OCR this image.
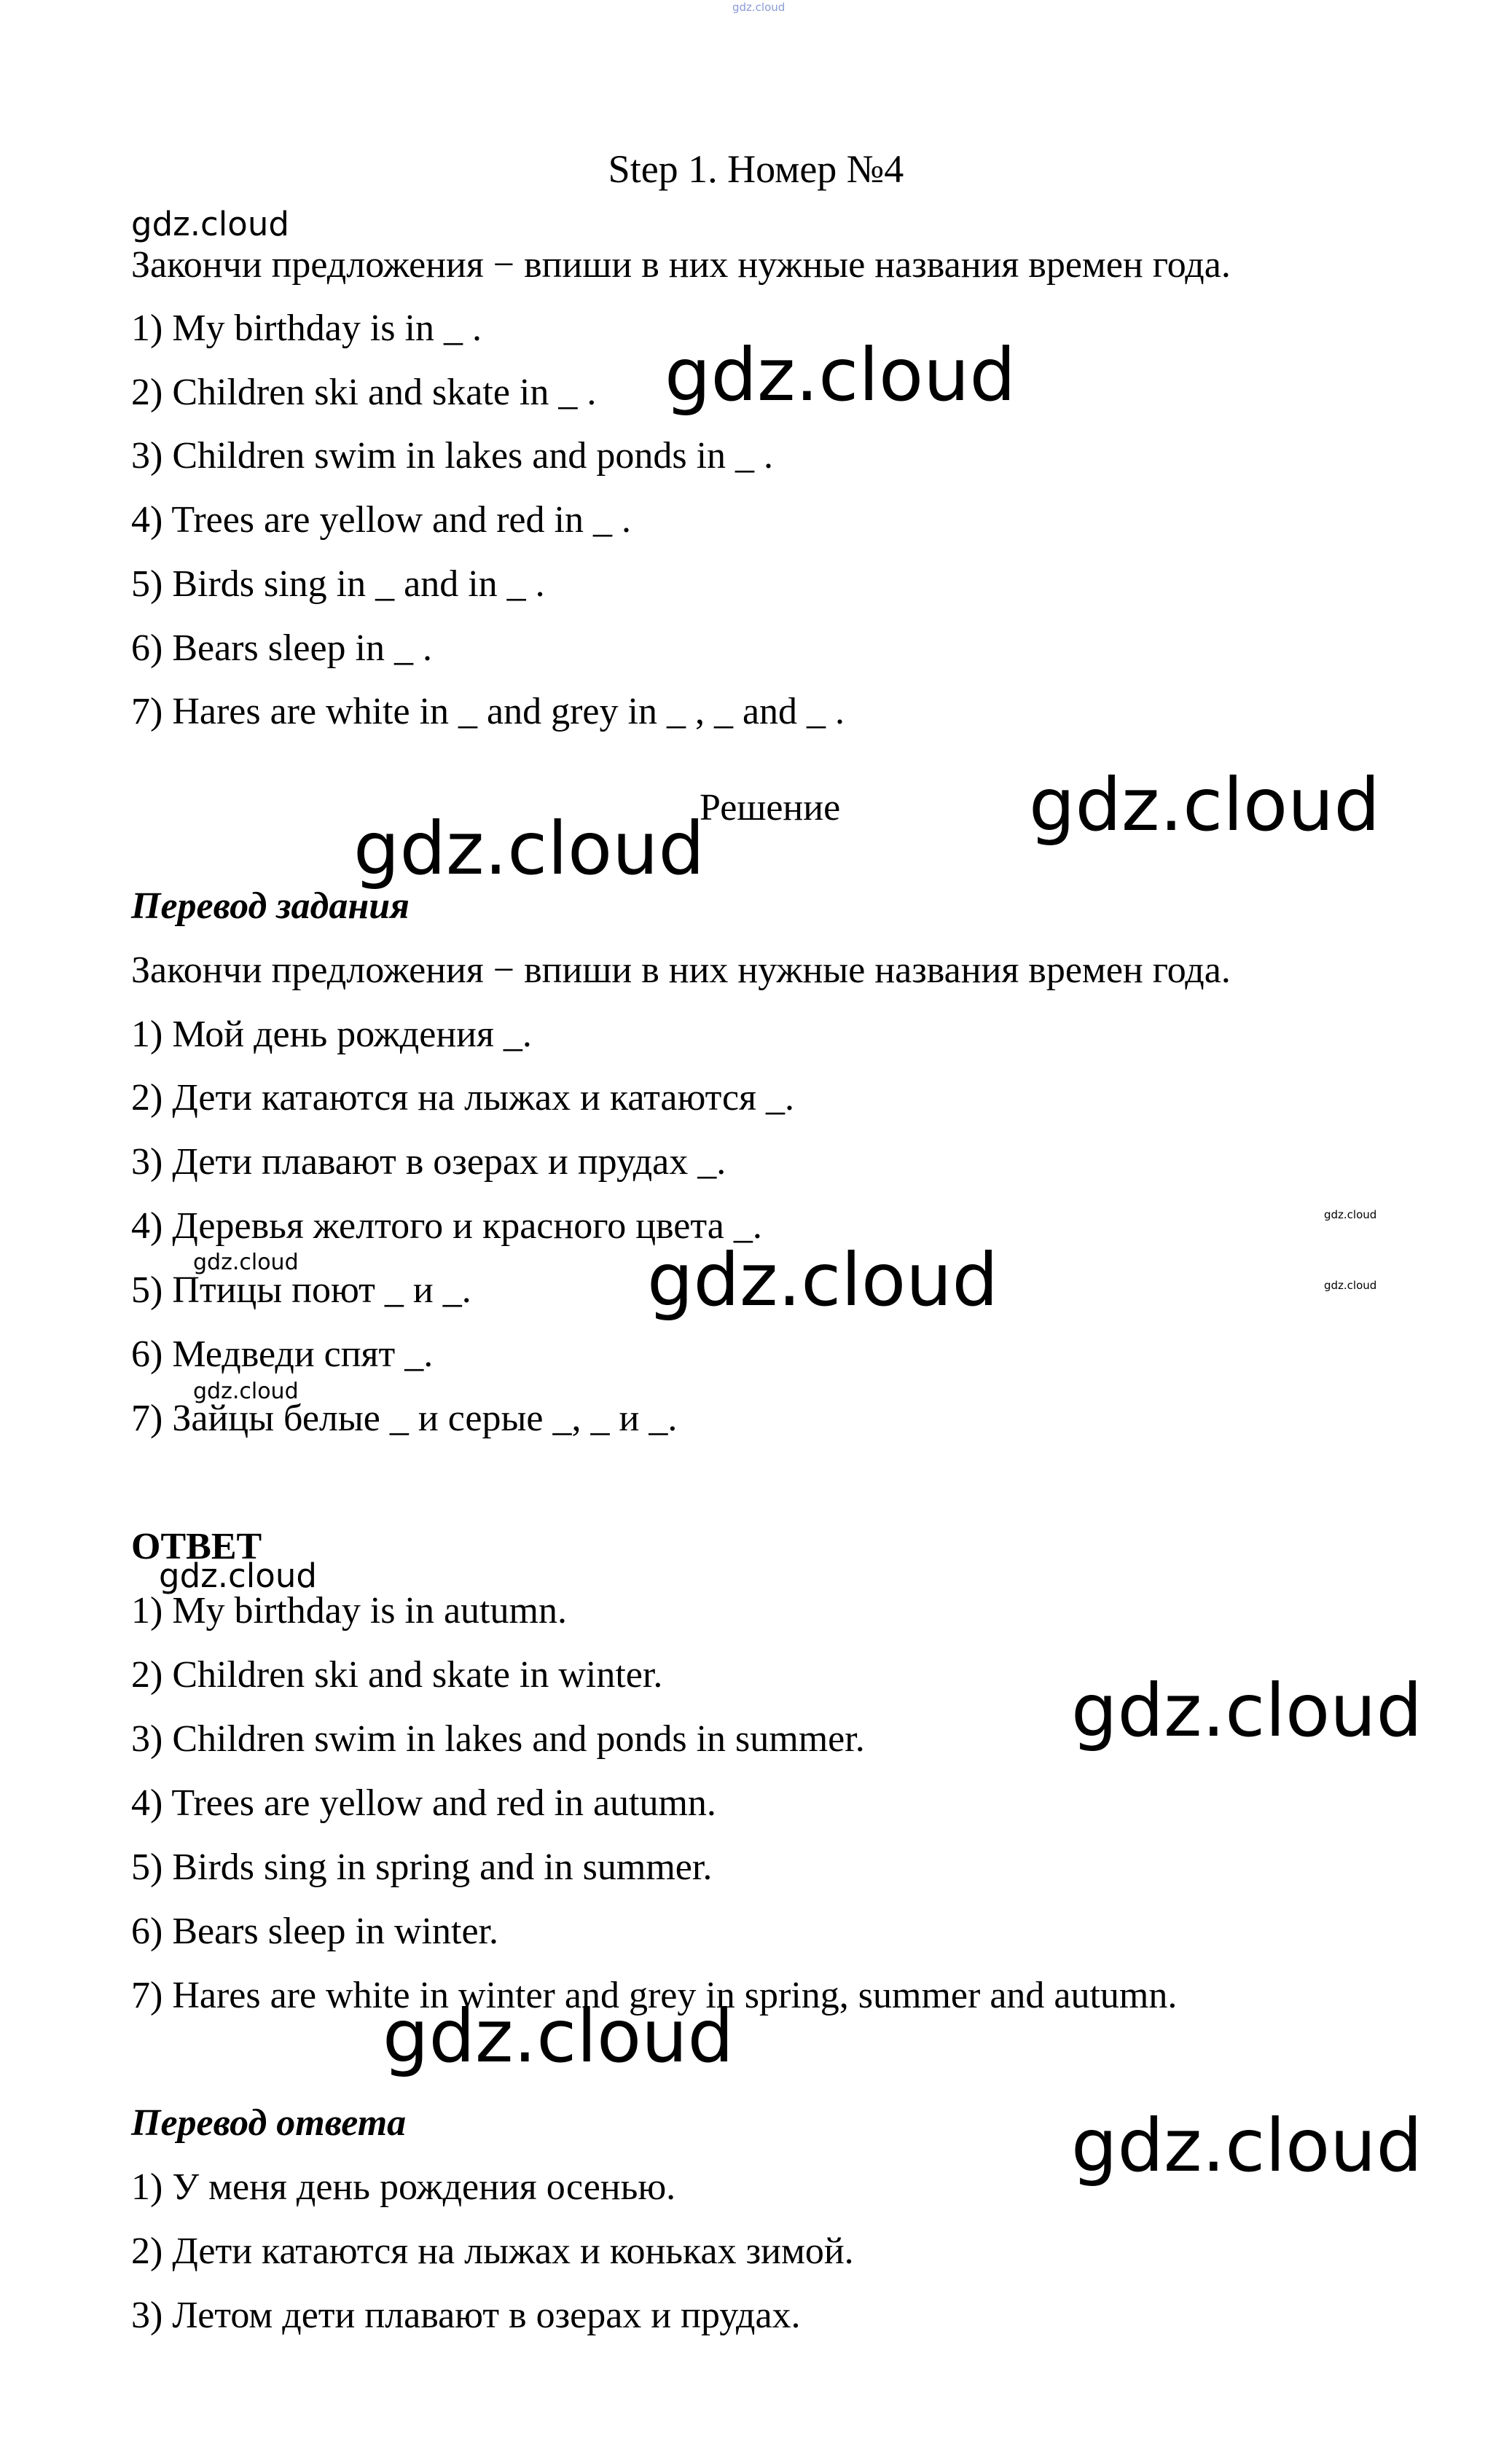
Step 1. Номер №4
Закончи предложения − впиши в них нужные названия времен года.
1) My birthday is in _ .
2) Children ski and skate in _ .
3) Children swim in lakes and ponds in _ .
4) Trees are yellow and red in _ .
5) Birds sing in _ and in _ .
6) Bears sleep in _ .
7) Hares are white in _ and grey in _ , _ and _ .
Решение
Перевод задания
Закончи предложения − впиши в них нужные названия времен года.
1) Мой день рождения _.
2) Дети катаются на лыжах и катаются _.
3) Дети плавают в озерах и прудах _.
4) Деревья желтого и красного цвета _.
5) Птицы поют _ и _.
6) Медведи спят _.
7) Зайцы белые _ и серые _, _ и _.
ОТВЕТ
1) My birthday is in autumn.
2) Children ski and skate in winter.
3) Children swim in lakes and ponds in summer.
4) Trees are yellow and red in autumn.
5) Birds sing in spring and in summer.
6) Bears sleep in winter.
7) Hares are white in winter and grey in spring, summer and autumn.
Перевод ответа
1) У меня день рождения осенью.
2) Дети катаются на лыжах и коньках зимой.
3) Летом дети плавают в озерах и прудах.
gdz.cloud
gdz.cloud
gdz.cloud
gdz.cloud
gdz.cloud
gdz.cloud
gdz.cloud
gdz.cloud	gdz.cloud
gdz.cloud
gdz.cloud
gdz.cloud
gdz.cloud
gdz.cloud
